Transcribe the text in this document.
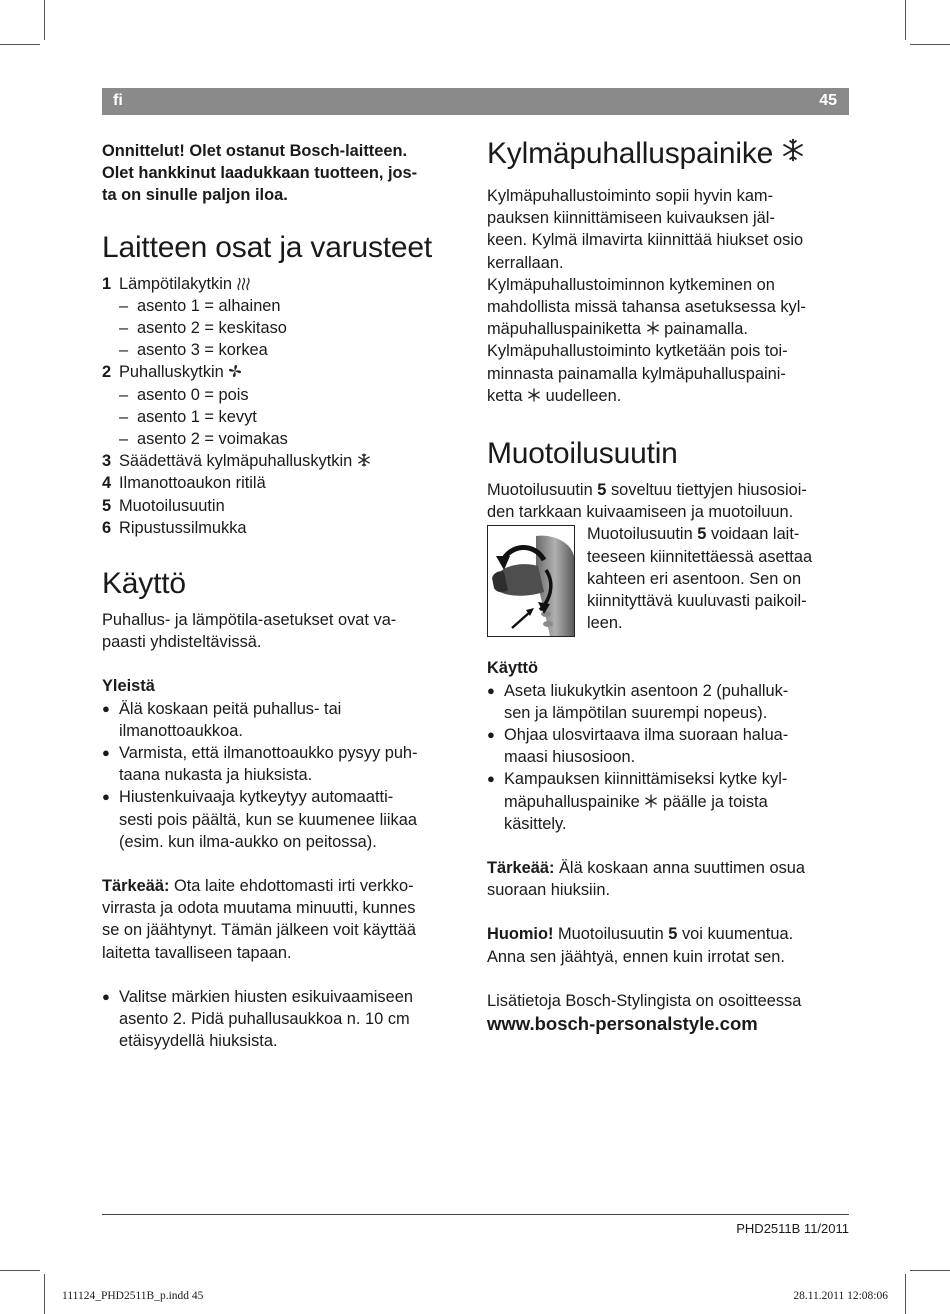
fi	45

Onnittelut! Olet ostanut Bosch-laitteen.

Olet hankkinut laadukkaan tuotteen, jos-

ta on sinulle paljon iloa.

Laitteen osat ja varusteet
1 Lämpötilakytkin
– asento 1 = alhainen
– asento 2 = keskitaso
– asento 3 = korkea
2 Puhalluskytkin
– asento 0 = pois
– asento 1 = kevyt
– asento 2 = voimakas
3 Säädettävä kylmäpuhalluskytkin
4 Ilmanottoaukon ritilä
5 Muotoilusuutin
6 Ripustussilmukka
Käyttö

Puhallus- ja lämpötila-asetukset ovat va-

paasti yhdisteltävissä.

Yleistä

● Älä koskaan peitä puhallus- tai

ilmanottoaukkoa.

● Varmista, että ilmanottoaukko pysyy puh-

taana nukasta ja hiuksista.

● Hiustenkuivaaja kytkeytyy automaatti-

sesti pois päältä, kun se kuumenee liikaa

(esim. kun ilma-aukko on peitossa).

Tärkeää: Ota laite ehdottomasti irti verkko-

virrasta ja odota muutama minuutti, kunnes

se on jäähtynyt. Tämän jälkeen voit käyttää

laitetta tavalliseen tapaan.

● Valitse märkien hiusten esikuivaamiseen

asento 2. Pidä puhallusaukkoa n. 10 cm

etäisyydellä hiuksista.

Kylmäpuhalluspainike

Kylmäpuhallustoiminto sopii hyvin kam-

pauksen kiinnittämiseen kuivauksen jäl-

keen. Kylmä ilmavirta kiinnittää hiukset osio

kerrallaan.

Kylmäpuhallustoiminnon kytkeminen on

mahdollista missä tahansa asetuksessa kyl-

mäpuhalluspainiketta painamalla.

Kylmäpuhallustoiminto kytketään pois toi-

minnasta painamalla kylmäpuhalluspaini-

ketta uudelleen.

Muotoilusuutin

Muotoilusuutin 5 soveltuu tiettyjen hiusosioi-

den tarkkaan kuivaamiseen ja muotoiluun.

Muotoilusuutin 5 voidaan lait-

teeseen kiinnitettäessä asettaa

kahteen eri asentoon. Sen on

kiinnityttävä kuuluvasti paikoil-

leen.

Käyttö

● Aseta liukukytkin asentoon 2 (puhalluk-

sen ja lämpötilan suurempi nopeus).

● Ohjaa ulosvirtaava ilma suoraan halua-

maasi hiusosioon.

● Kampauksen kiinnittämiseksi kytke kyl-

mäpuhalluspainike päälle ja toista

käsittely.

Tärkeää: Älä koskaan anna suuttimen osua

suoraan hiuksiin.

Huomio! Muotoilusuutin 5 voi kuumentua.

Anna sen jäähtyä, ennen kuin irrotat sen.

Lisätietoja Bosch-Stylingista on osoitteessa

www.bosch-personalstyle.com

PHD2511B 11/2011
111124_PHD2511B_p.indd 45	28.11.2011 12:08:06
